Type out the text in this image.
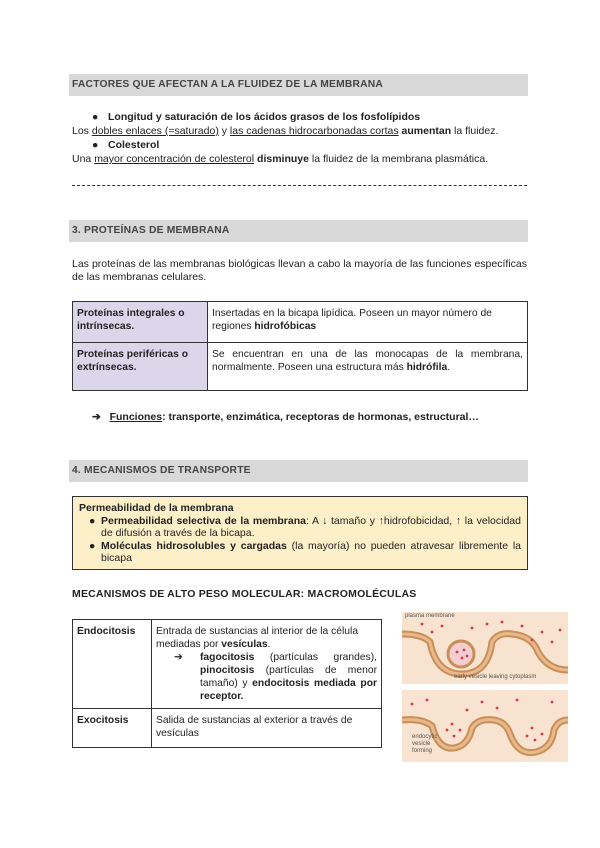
FACTORES QUE AFECTAN A LA FLUIDEZ DE LA MEMBRANA
● Longitud y saturación de los ácidos grasos de los fosfolípidos
Los dobles enlaces (=saturado) y las cadenas hidrocarbonadas cortas aumentan la fluidez.
● Colesterol
Una mayor concentración de colesterol disminuye la fluidez de la membrana plasmática.
3. PROTEÍNAS DE MEMBRANA
Las proteínas de las membranas biológicas llevan a cabo la mayoría de las funciones específicas de las membranas celulares.
Proteínas integrales o intrínsecas.	Insertadas en la bicapa lipídica. Poseen un mayor número de regiones hidrofóbicas
Proteínas periféricas o extrínsecas.	Se encuentran en una de las monocapas de la membrana, normalmente. Poseen una estructura más hidrófila.
➔ Funciones: transporte, enzimática, receptoras de hormonas, estructural…
4. MECANISMOS DE TRANSPORTE
Permeabilidad de la membrana
● Permeabilidad selectiva de la membrana: A ↓ tamaño y ↑hidrofobicidad, ↑ la velocidad de difusión a través de la bicapa.
● Moléculas hidrosolubles y cargadas (la mayoría) no pueden atravesar libremente la bicapa
MECANISMOS DE ALTO PESO MOLECULAR: MACROMOLÉCULAS
Endocitosis	Entrada de sustancias al interior de la célula mediadas por vesículas.
➔ fagocitosis (partículas grandes), pinocitosis (partículas de menor tamaño) y endocitosis mediada por receptor.

Exocitosis	Salida de sustancias al exterior a través de vesículas
plasma membrane
early vesicle leaving cytoplasm
endocytic vesicle forming
